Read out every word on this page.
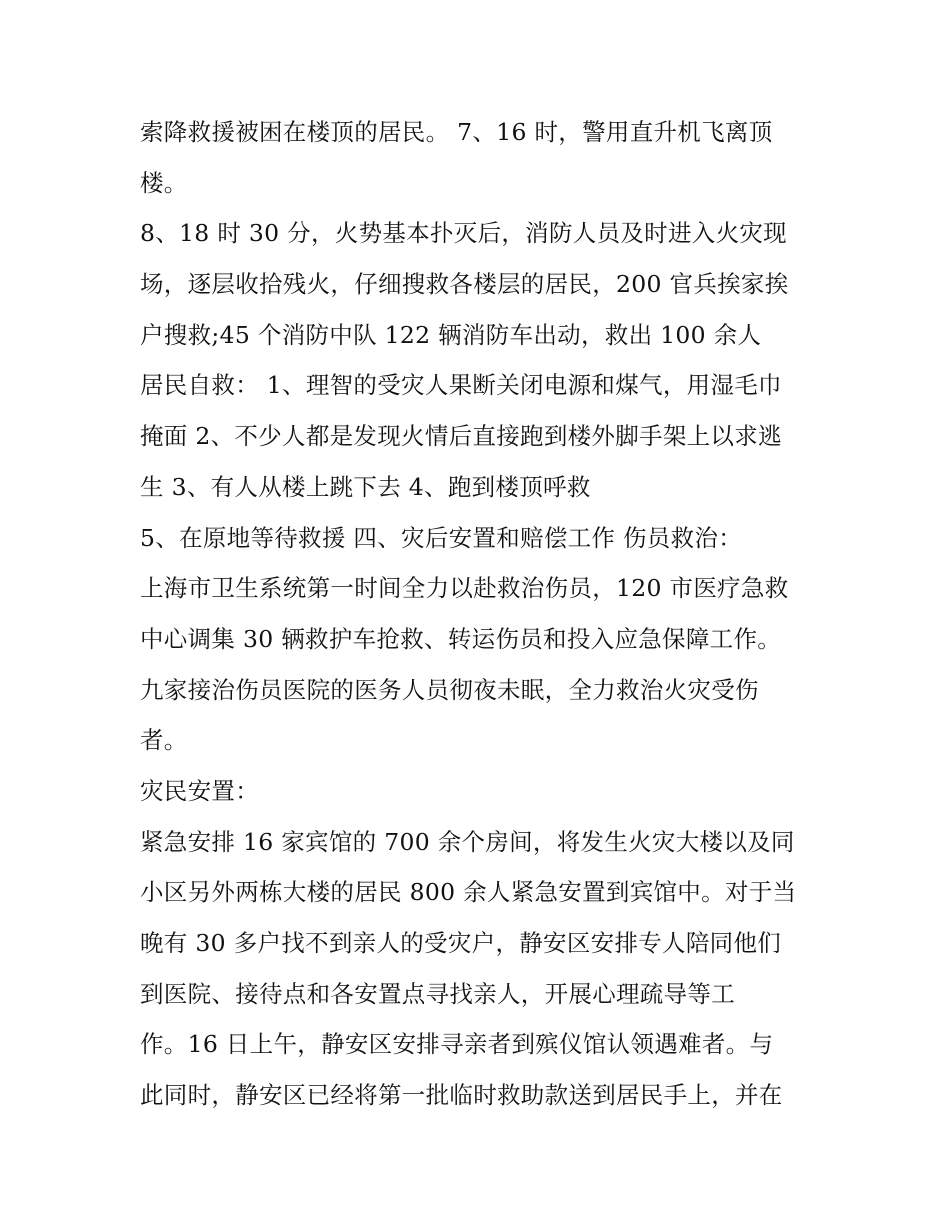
索降救援被困在楼顶的居民。 7、16 时，警用直升机飞离顶
楼。
8、18 时 30 分，火势基本扑灭后，消防人员及时进入火灾现
场，逐层收拾残火，仔细搜救各楼层的居民，200 官兵挨家挨
户搜救;45 个消防中队 122 辆消防车出动，救出 100 余人
居民自救： 1、理智的受灾人果断关闭电源和煤气，用湿毛巾
掩面 2、不少人都是发现火情后直接跑到楼外脚手架上以求逃
生 3、有人从楼上跳下去 4、跑到楼顶呼救
5、在原地等待救援 四、灾后安置和赔偿工作 伤员救治：
上海市卫生系统第一时间全力以赴救治伤员，120 市医疗急救
中心调集 30 辆救护车抢救、转运伤员和投入应急保障工作。
九家接治伤员医院的医务人员彻夜未眠，全力救治火灾受伤
者。
灾民安置：
紧急安排 16 家宾馆的 700 余个房间，将发生火灾大楼以及同
小区另外两栋大楼的居民 800 余人紧急安置到宾馆中。对于当
晚有 30 多户找不到亲人的受灾户，静安区安排专人陪同他们
到医院、接待点和各安置点寻找亲人，开展心理疏导等工
作。16 日上午，静安区安排寻亲者到殡仪馆认领遇难者。与
此同时，静安区已经将第一批临时救助款送到居民手上，并在
